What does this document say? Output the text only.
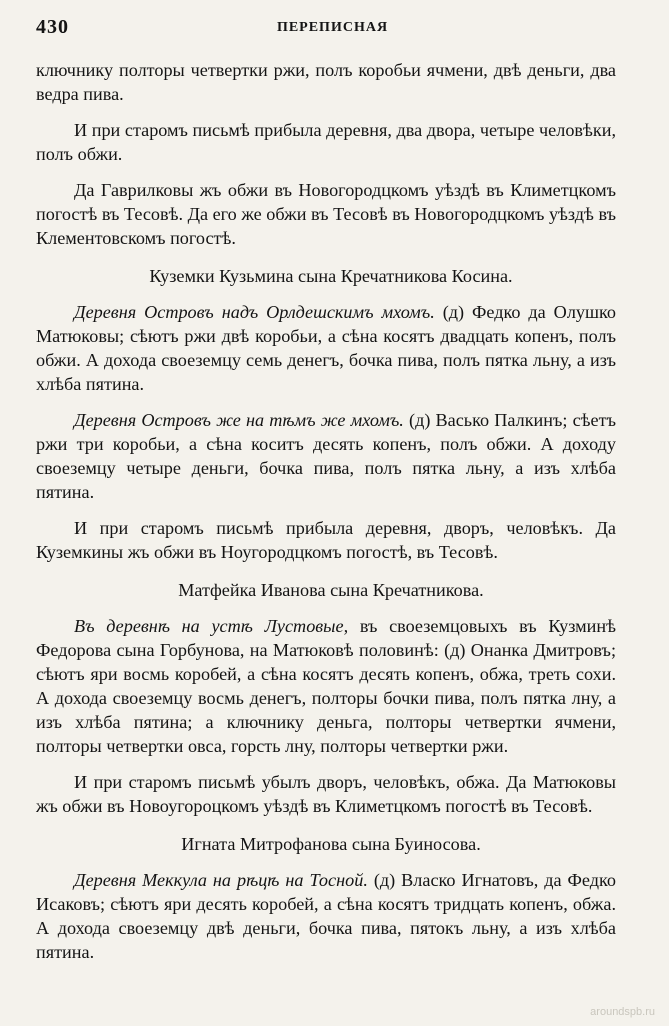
430	ПЕРЕПИСНАЯ

ключнику полторы четвертки ржи, полъ коробьи ячмени, двѣ деньги, два ведра пива.

И при старомъ письмѣ прибыла деревня, два двора, четыре человѣки, полъ обжи.

Да Гаврилковы жъ обжи въ Новогородцкомъ уѣздѣ въ Климетцкомъ погостѣ въ Тесовѣ. Да его же обжи въ Тесовѣ въ Новогородцкомъ уѣздѣ въ Клементовскомъ погостѣ.

Куземки Кузьмина сына Кречатникова Косина.

Деревня Островъ надъ Орлдешскимъ мхомъ. (д) Федко да Олушко Матюковы; сѣютъ ржи двѣ коробьи, а сѣна косятъ двадцать копенъ, полъ обжи. А дохода своеземцу семь денегъ, бочка пива, полъ пятка льну, а изъ хлѣба пятина.

Деревня Островъ же на тѣмъ же мхомъ. (д) Васько Палкинъ; сѣетъ ржи три коробьи, а сѣна коситъ десять копенъ, полъ обжи. А доходу своеземцу четыре деньги, бочка пива, полъ пятка льну, а изъ хлѣба пятина.

И при старомъ письмѣ прибыла деревня, дворъ, человѣкъ. Да Куземкины жъ обжи въ Ноугородцкомъ погостѣ, въ Тесовѣ.

Матфейка Иванова сына Кречатникова.

Въ деревнѣ на устѣ Лустовые, въ своеземцовыхъ въ Кузминѣ Федорова сына Горбунова, на Матюковѣ половинѣ: (д) Онанка Дмитровъ; сѣютъ яри восмь коробей, а сѣна косятъ десять копенъ, обжа, треть сохи. А дохода своеземцу восмь денегъ, полторы бочки пива, полъ пятка лну, а изъ хлѣба пятина; а ключнику деньга, полторы четвертки ячмени, полторы четвертки овса, горсть лну, полторы четвертки ржи.

И при старомъ письмѣ убылъ дворъ, человѣкъ, обжа. Да Матюковы жъ обжи въ Новоугороцкомъ уѣздѣ въ Климетцкомъ погостѣ въ Тесовѣ.

Игната Митрофанова сына Буиносова.

Деревня Меккула на рѣцѣ на Тосной. (д) Власко Игнатовъ, да Федко Исаковъ; сѣютъ яри десять коробей, а сѣна косятъ тридцать копенъ, обжа. А дохода своеземцу двѣ деньги, бочка пива, пятокъ льну, а изъ хлѣба пятина.

aroundspb.ru
